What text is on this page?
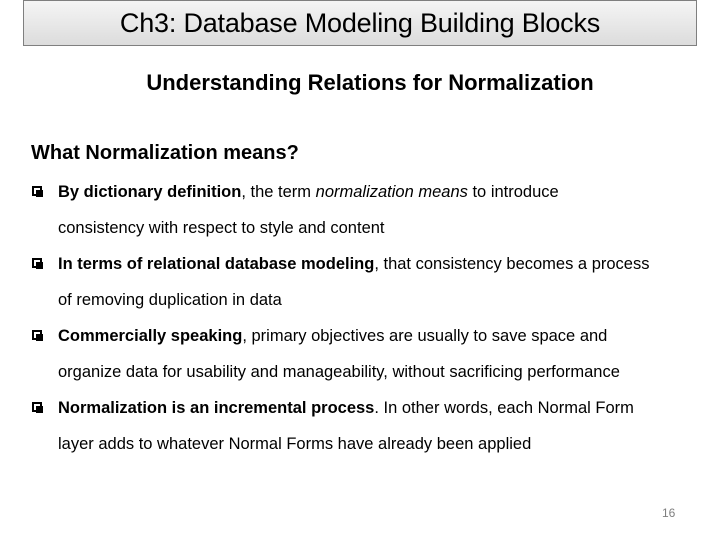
Ch3: Database Modeling Building Blocks
Understanding Relations for Normalization
What Normalization means?
By dictionary definition, the term normalization means to introduce
consistency with respect to style and content
In terms of relational database modeling, that consistency becomes a process
of removing duplication in data
Commercially speaking, primary objectives are usually to save space and
organize data for usability and manageability, without sacrificing performance
Normalization is an incremental process. In other words, each Normal Form
layer adds to whatever Normal Forms have already been applied
16
